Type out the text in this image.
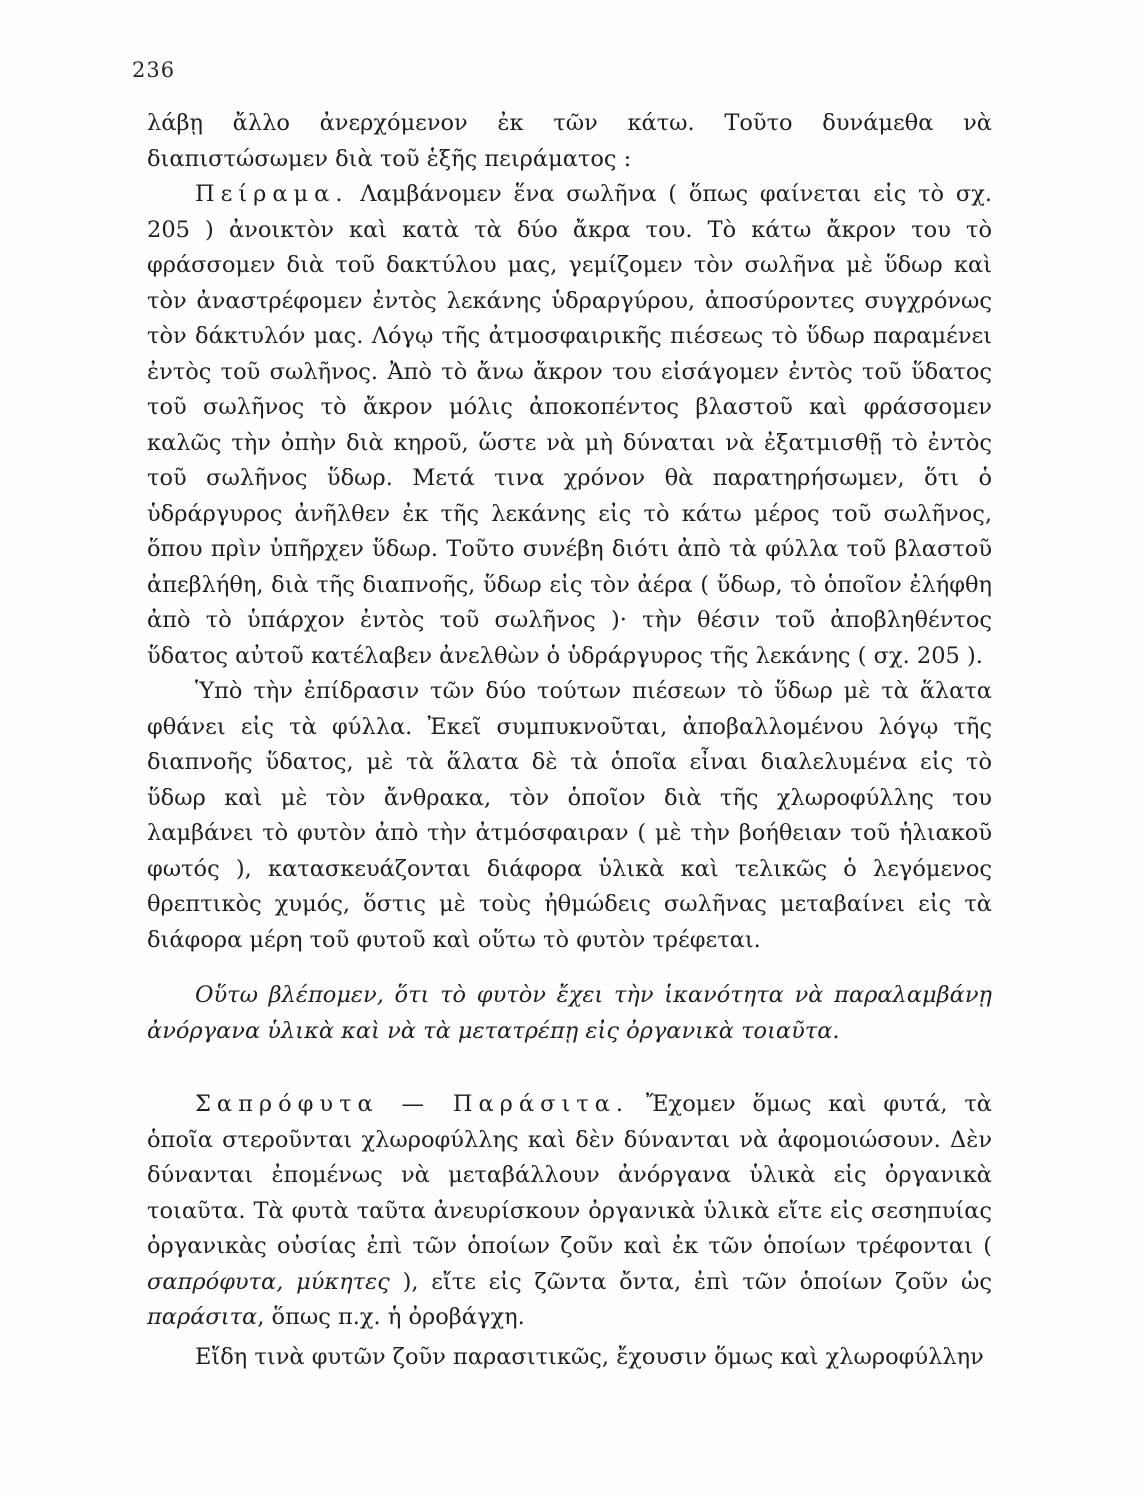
236

λάβῃ ἄλλο ἀνερχόμενον ἐκ τῶν κάτω. Τοῦτο δυνάμεθα νὰ διαπιστώσωμεν διὰ τοῦ ἑξῆς πειράματος :

Πείραμα. Λαμβάνομεν ἕνα σωλῆνα ( ὅπως φαίνεται εἰς τὸ σχ. 205 ) ἀνοικτὸν καὶ κατὰ τὰ δύο ἄκρα του. Τὸ κάτω ἄκρον του τὸ φράσσομεν διὰ τοῦ δακτύλου μας, γεμίζομεν τὸν σωλῆνα μὲ ὕδωρ καὶ τὸν ἀναστρέφομεν ἐντὸς λεκάνης ὑδραργύρου, ἀποσύροντες συγχρόνως τὸν δάκτυλόν μας. Λόγῳ τῆς ἀτμοσφαιρικῆς πιέσεως τὸ ὕδωρ παραμένει ἐντὸς τοῦ σωλῆνος. Ἀπὸ τὸ ἄνω ἄκρον του εἰσάγομεν ἐντὸς τοῦ ὕδατος τοῦ σωλῆνος τὸ ἄκρον μόλις ἀποκοπέντος βλαστοῦ καὶ φράσσομεν καλῶς τὴν ὀπὴν διὰ κηροῦ, ὥστε νὰ μὴ δύναται νὰ ἐξατμισθῇ τὸ ἐντὸς τοῦ σωλῆνος ὕδωρ. Μετά τινα χρόνον θὰ παρατηρήσωμεν, ὅτι ὁ ὑδράργυρος ἀνῆλθεν ἐκ τῆς λεκάνης εἰς τὸ κάτω μέρος τοῦ σωλῆνος, ὅπου πρὶν ὑπῆρχεν ὕδωρ. Τοῦτο συνέβη διότι ἀπὸ τὰ φύλλα τοῦ βλαστοῦ ἀπεβλήθη, διὰ τῆς διαπνοῆς, ὕδωρ εἰς τὸν ἀέρα ( ὕδωρ, τὸ ὁποῖον ἐλήφθη ἀπὸ τὸ ὑπάρχον ἐντὸς τοῦ σωλῆνος )· τὴν θέσιν τοῦ ἀποβληθέντος ὕδατος αὐτοῦ κατέλαβεν ἀνελθὼν ὁ ὑδράργυρος τῆς λεκάνης ( σχ. 205 ).

Ὑπὸ τὴν ἐπίδρασιν τῶν δύο τούτων πιέσεων τὸ ὕδωρ μὲ τὰ ἅλατα φθάνει εἰς τὰ φύλλα. Ἐκεῖ συμπυκνοῦται, ἀποβαλλομένου λόγῳ τῆς διαπνοῆς ὕδατος, μὲ τὰ ἅλατα δὲ τὰ ὁποῖα εἶναι διαλελυμένα εἰς τὸ ὕδωρ καὶ μὲ τὸν ἄνθρακα, τὸν ὁποῖον διὰ τῆς χλωροφύλλης του λαμβάνει τὸ φυτὸν ἀπὸ τὴν ἀτμόσφαιραν ( μὲ τὴν βοήθειαν τοῦ ἡλιακοῦ φωτός ), κατασκευάζονται διάφορα ὑλικὰ καὶ τελικῶς ὁ λεγόμενος θρεπτικὸς χυμός, ὅστις μὲ τοὺς ἠθμώδεις σωλῆνας μεταβαίνει εἰς τὰ διάφορα μέρη τοῦ φυτοῦ καὶ οὕτω τὸ φυτὸν τρέφεται.

Οὕτω βλέπομεν, ὅτι τὸ φυτὸν ἔχει τὴν ἱκανότητα νὰ παραλαμβάνῃ ἀνόργανα ὑλικὰ καὶ νὰ τὰ μετατρέπῃ εἰς ὀργανικὰ τοιαῦτα.

Σαπρόφυτα — Παράσιτα. Ἔχομεν ὅμως καὶ φυτά, τὰ ὁποῖα στεροῦνται χλωροφύλλης καὶ δὲν δύνανται νὰ ἀφομοιώσουν. Δὲν δύνανται ἐπομένως νὰ μεταβάλλουν ἀνόργανα ὑλικὰ εἰς ὀργανικὰ τοιαῦτα. Τὰ φυτὰ ταῦτα ἀνευρίσκουν ὀργανικὰ ὑλικὰ εἴτε εἰς σεσηπυίας ὀργανικὰς οὐσίας ἐπὶ τῶν ὁποίων ζοῦν καὶ ἐκ τῶν ὁποίων τρέφονται ( σαπρόφυτα, μύκητες ), εἴτε εἰς ζῶντα ὄντα, ἐπὶ τῶν ὁποίων ζοῦν ὡς παράσιτα, ὅπως π.χ. ἡ ὀροβάγχη.

Εἴδη τινὰ φυτῶν ζοῦν παρασιτικῶς, ἔχουσιν ὅμως καὶ χλωροφύλλην
